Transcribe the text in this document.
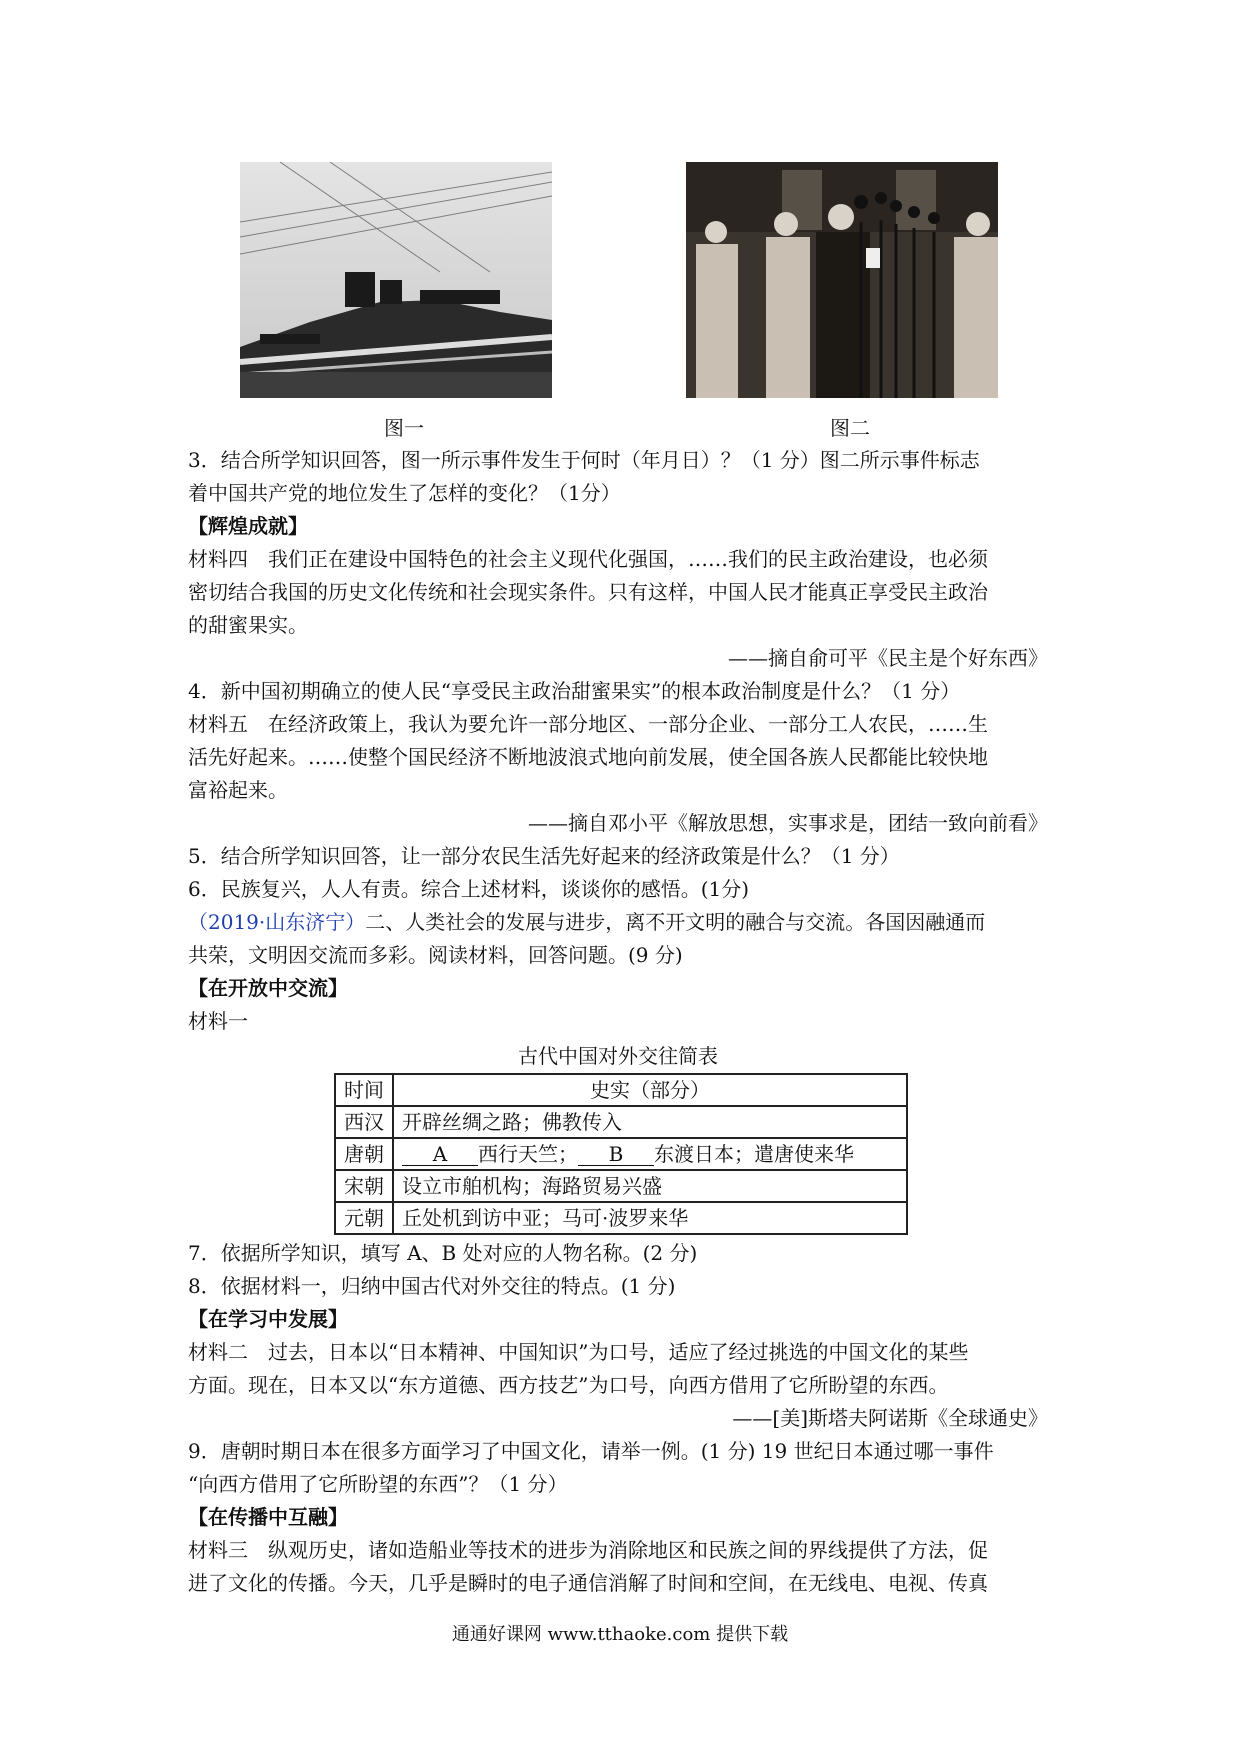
图一	图二
3．结合所学知识回答，图一所示事件发生于何时（年月日）？（1 分）图二所示事件标志
着中国共产党的地位发生了怎样的变化？（1分）
【辉煌成就】
材料四　我们正在建设中国特色的社会主义现代化强国，……我们的民主政治建设，也必须
密切结合我国的历史文化传统和社会现实条件。只有这样，中国人民才能真正享受民主政治
的甜蜜果实。
——摘自俞可平《民主是个好东西》
4．新中国初期确立的使人民“享受民主政治甜蜜果实”的根本政治制度是什么？（1 分）
材料五　在经济政策上，我认为要允许一部分地区、一部分企业、一部分工人农民，……生
活先好起来。……使整个国民经济不断地波浪式地向前发展，使全国各族人民都能比较快地
富裕起来。
——摘自邓小平《解放思想，实事求是，团结一致向前看》
5．结合所学知识回答，让一部分农民生活先好起来的经济政策是什么？（1 分）
6．民族复兴，人人有责。综合上述材料，谈谈你的感悟。(1分)
（2019·山东济宁）二、人类社会的发展与进步，离不开文明的融合与交流。各国因融通而
共荣，文明因交流而多彩。阅读材料，回答问题。(9 分)
【在开放中交流】
材料一
古代中国对外交往简表
时间	史实（部分）
西汉	开辟丝绸之路；佛教传入
唐朝	A 西行天竺； B 东渡日本；遣唐使来华
宋朝	设立市舶机构；海路贸易兴盛
元朝	丘处机到访中亚；马可·波罗来华
7．依据所学知识，填写 A、B 处对应的人物名称。(2 分)
8．依据材料一，归纳中国古代对外交往的特点。(1 分)
【在学习中发展】
材料二　过去，日本以“日本精神、中国知识”为口号，适应了经过挑选的中国文化的某些
方面。现在，日本又以“东方道德、西方技艺”为口号，向西方借用了它所盼望的东西。
——[美]斯塔夫阿诺斯《全球通史》
9．唐朝时期日本在很多方面学习了中国文化，请举一例。(1 分) 19 世纪日本通过哪一事件
“向西方借用了它所盼望的东西”？（1 分）
【在传播中互融】
材料三　纵观历史，诸如造船业等技术的进步为消除地区和民族之间的界线提供了方法，促
进了文化的传播。今天，几乎是瞬时的电子通信消解了时间和空间，在无线电、电视、传真
通通好课网 www.tthaoke.com 提供下载
